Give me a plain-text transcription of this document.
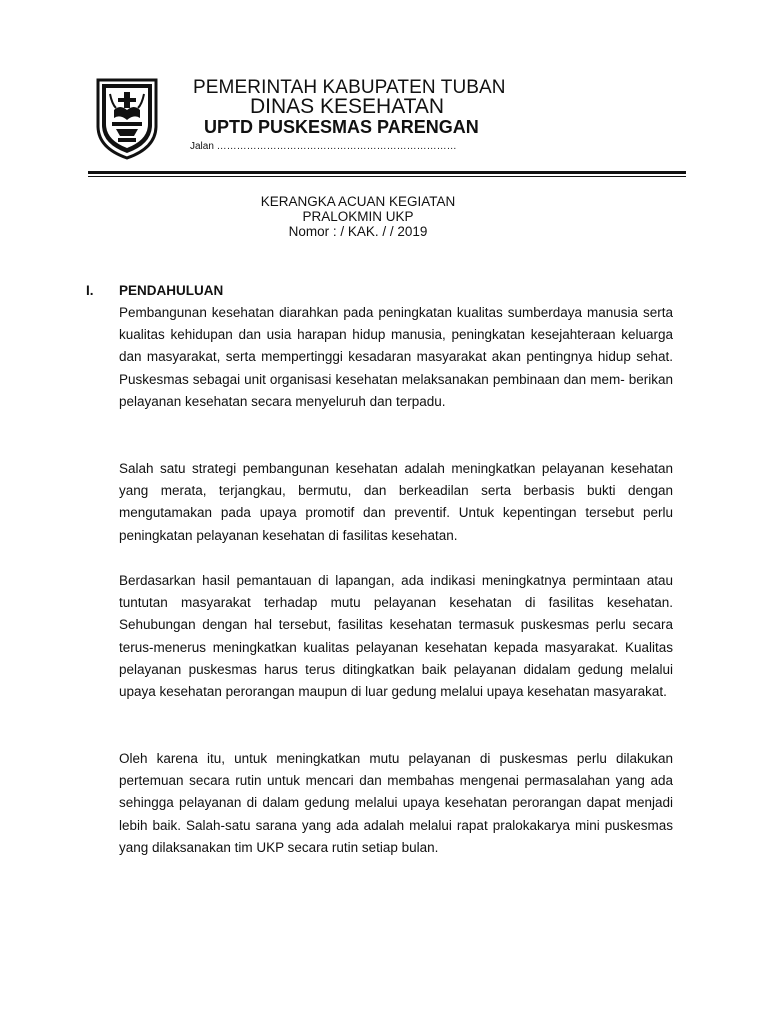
PEMERINTAH KABUPATEN TUBAN
DINAS KESEHATAN
UPTD PUSKESMAS PARENGAN
Jalan ………………………………………………………………
KERANGKA ACUAN KEGIATAN
PRALOKMIN UKP
Nomor : / KAK. / / 2019
I. PENDAHULUAN

Pembangunan kesehatan diarahkan pada peningkatan kualitas sumberdaya manusia serta kualitas kehidupan dan usia harapan hidup manusia, peningkatan kesejahteraan keluarga dan masyarakat, serta mempertinggi kesadaran masyarakat akan pentingnya hidup sehat. Puskesmas sebagai unit organisasi kesehatan melaksanakan pembinaan dan mem- berikan pelayanan kesehatan secara menyeluruh dan terpadu.

Salah satu strategi pembangunan kesehatan adalah meningkatkan pelayanan kesehatan yang merata, terjangkau, bermutu, dan berkeadilan serta berbasis bukti dengan mengutamakan pada upaya promotif dan preventif. Untuk kepentingan tersebut perlu peningkatan pelayanan kesehatan di fasilitas kesehatan.

Berdasarkan hasil pemantauan di lapangan, ada indikasi meningkatnya permintaan atau tuntutan masyarakat terhadap mutu pelayanan kesehatan di fasilitas kesehatan. Sehubungan dengan hal tersebut, fasilitas kesehatan termasuk puskesmas perlu secara terus-menerus meningkatkan kualitas pelayanan kesehatan kepada masyarakat. Kualitas pelayanan puskesmas harus terus ditingkatkan baik pelayanan didalam gedung melalui upaya kesehatan perorangan maupun di luar gedung melalui upaya kesehatan masyarakat.

Oleh karena itu, untuk meningkatkan mutu pelayanan di puskesmas perlu dilakukan pertemuan secara rutin untuk mencari dan membahas mengenai permasalahan yang ada sehingga pelayanan di dalam gedung melalui upaya kesehatan perorangan dapat menjadi lebih baik. Salah-satu sarana yang ada adalah melalui rapat pralokakarya mini puskesmas yang dilaksanakan tim UKP secara rutin setiap bulan.
